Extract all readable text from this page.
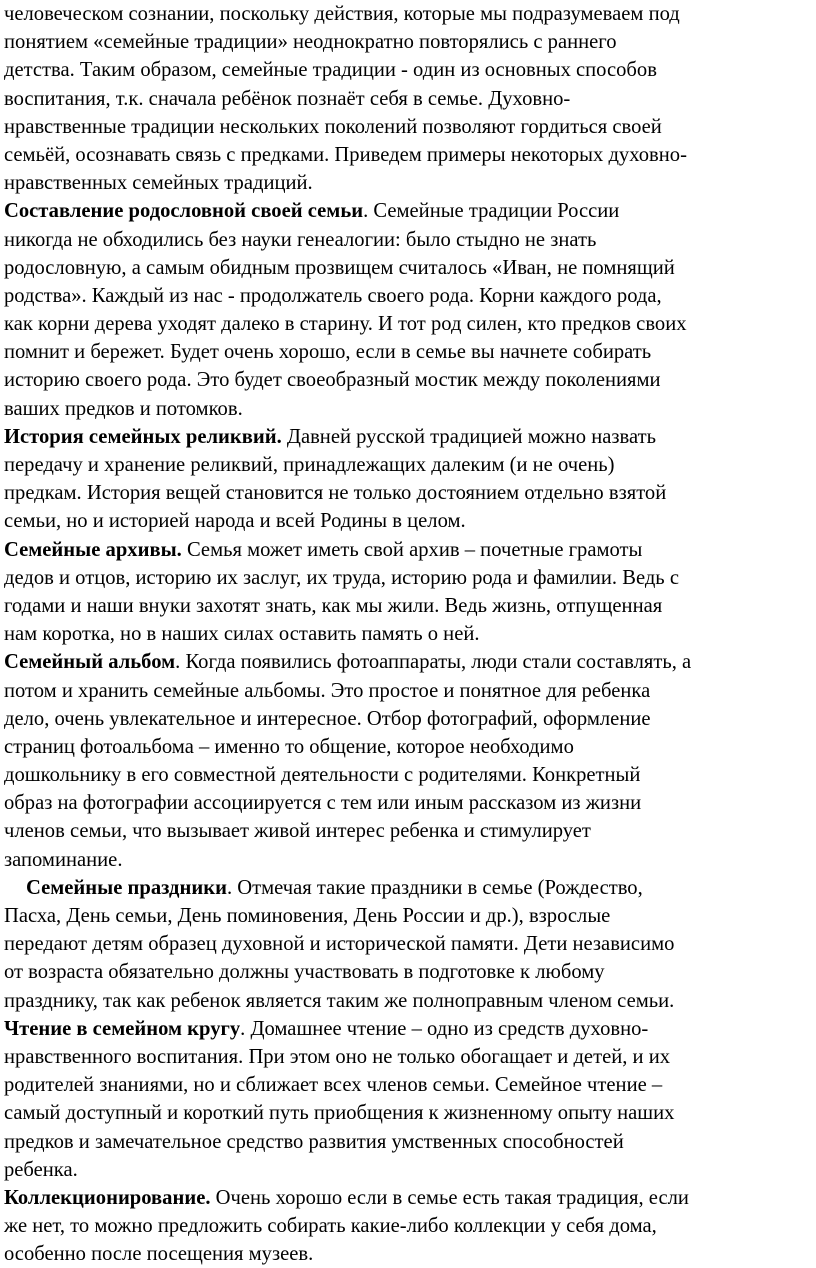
человеческом сознании, поскольку действия, которые мы подразумеваем под
понятием «семейные традиции» неоднократно повторялись с раннего
детства. Таким образом, семейные традиции - один из основных способов
воспитания, т.к. сначала ребёнок познаёт себя в семье. Духовно-
нравственные традиции нескольких поколений позволяют гордиться своей
семьёй, осознавать связь с предками. Приведем примеры некоторых духовно-
нравственных семейных традиций.
Составление родословной своей семьи. Семейные традиции России
никогда не обходились без науки генеалогии: было стыдно не знать
родословную, а самым обидным прозвищем считалось «Иван, не помнящий
родства». Каждый из нас - продолжатель своего рода. Корни каждого рода,
как корни дерева уходят далеко в старину. И тот род силен, кто предков своих
помнит и бережет. Будет очень хорошо, если в семье вы начнете собирать
историю своего рода. Это будет своеобразный мостик между поколениями
ваших предков и потомков.
История семейных реликвий. Давней русской традицией можно назвать
передачу и хранение реликвий, принадлежащих далеким (и не очень)
предкам. История вещей становится не только достоянием отдельно взятой
семьи, но и историей народа и всей Родины в целом.
Семейные архивы. Семья может иметь свой архив – почетные грамоты
дедов и отцов, историю их заслуг, их труда, историю рода и фамилии. Ведь с
годами и наши внуки захотят знать, как мы жили. Ведь жизнь, отпущенная
нам коротка, но в наших силах оставить память о ней.
Семейный альбом. Когда появились фотоаппараты, люди стали составлять, а
потом и хранить семейные альбомы. Это простое и понятное для ребенка
дело, очень увлекательное и интересное. Отбор фотографий, оформление
страниц фотоальбома – именно то общение, которое необходимо
дошкольнику в его совместной деятельности с родителями. Конкретный
образ на фотографии ассоциируется с тем или иным рассказом из жизни
членов семьи, что вызывает живой интерес ребенка и стимулирует
запоминание.
Семейные праздники. Отмечая такие праздники в семье (Рождество,
Пасха, День семьи, День поминовения, День России и др.), взрослые
передают детям образец духовной и исторической памяти. Дети независимо
от возраста обязательно должны участвовать в подготовке к любому
празднику, так как ребенок является таким же полноправным членом семьи.
Чтение в семейном кругу. Домашнее чтение – одно из средств духовно-
нравственного воспитания. При этом оно не только обогащает и детей, и их
родителей знаниями, но и сближает всех членов семьи. Семейное чтение –
самый доступный и короткий путь приобщения к жизненному опыту наших
предков и замечательное средство развития умственных способностей
ребенка.
Коллекционирование. Очень хорошо если в семье есть такая традиция, если
же нет, то можно предложить собирать какие-либо коллекции у себя дома,
особенно после посещения музеев.
